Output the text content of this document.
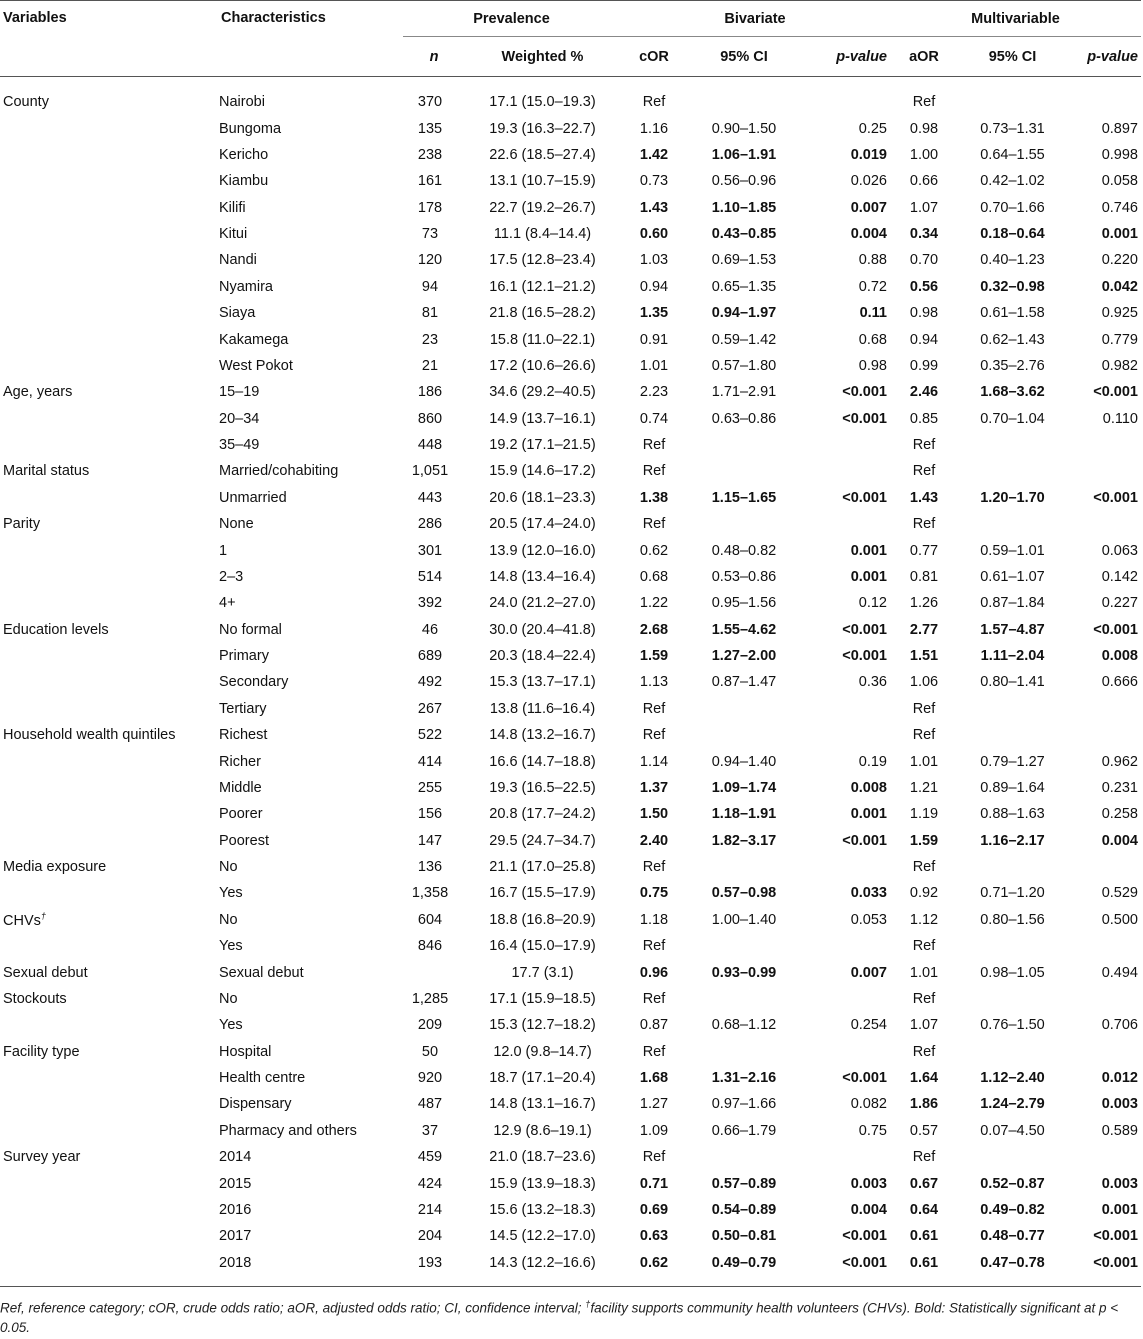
Variables	Characteristics	Prevalence		Bivariate			Multivariable		
		n	Weighted %	cOR	95% CI	p-value	aOR	95% CI	p-value
County	Nairobi	370	17.1 (15.0–19.3)	Ref			Ref		
	Bungoma	135	19.3 (16.3–22.7)	1.16	0.90–1.50	0.25	0.98	0.73–1.31	0.897
	Kericho	238	22.6 (18.5–27.4)	1.42	1.06–1.91	0.019	1.00	0.64–1.55	0.998
	Kiambu	161	13.1 (10.7–15.9)	0.73	0.56–0.96	0.026	0.66	0.42–1.02	0.058
	Kilifi	178	22.7 (19.2–26.7)	1.43	1.10–1.85	0.007	1.07	0.70–1.66	0.746
	Kitui	73	11.1 (8.4–14.4)	0.60	0.43–0.85	0.004	0.34	0.18–0.64	0.001
	Nandi	120	17.5 (12.8–23.4)	1.03	0.69–1.53	0.88	0.70	0.40–1.23	0.220
	Nyamira	94	16.1 (12.1–21.2)	0.94	0.65–1.35	0.72	0.56	0.32–0.98	0.042
	Siaya	81	21.8 (16.5–28.2)	1.35	0.94–1.97	0.11	0.98	0.61–1.58	0.925
	Kakamega	23	15.8 (11.0–22.1)	0.91	0.59–1.42	0.68	0.94	0.62–1.43	0.779
	West Pokot	21	17.2 (10.6–26.6)	1.01	0.57–1.80	0.98	0.99	0.35–2.76	0.982
Age, years	15–19	186	34.6 (29.2–40.5)	2.23	1.71–2.91	<0.001	2.46	1.68–3.62	<0.001
	20–34	860	14.9 (13.7–16.1)	0.74	0.63–0.86	<0.001	0.85	0.70–1.04	0.110
	35–49	448	19.2 (17.1–21.5)	Ref			Ref		
Marital status	Married/cohabiting	1,051	15.9 (14.6–17.2)	Ref			Ref		
	Unmarried	443	20.6 (18.1–23.3)	1.38	1.15–1.65	<0.001	1.43	1.20–1.70	<0.001
Parity	None	286	20.5 (17.4–24.0)	Ref			Ref		
	1	301	13.9 (12.0–16.0)	0.62	0.48–0.82	0.001	0.77	0.59–1.01	0.063
	2–3	514	14.8 (13.4–16.4)	0.68	0.53–0.86	0.001	0.81	0.61–1.07	0.142
	4+	392	24.0 (21.2–27.0)	1.22	0.95–1.56	0.12	1.26	0.87–1.84	0.227
Education levels	No formal	46	30.0 (20.4–41.8)	2.68	1.55–4.62	<0.001	2.77	1.57–4.87	<0.001
	Primary	689	20.3 (18.4–22.4)	1.59	1.27–2.00	<0.001	1.51	1.11–2.04	0.008
	Secondary	492	15.3 (13.7–17.1)	1.13	0.87–1.47	0.36	1.06	0.80–1.41	0.666
	Tertiary	267	13.8 (11.6–16.4)	Ref			Ref		
Household wealth quintiles	Richest	522	14.8 (13.2–16.7)	Ref			Ref		
	Richer	414	16.6 (14.7–18.8)	1.14	0.94–1.40	0.19	1.01	0.79–1.27	0.962
	Middle	255	19.3 (16.5–22.5)	1.37	1.09–1.74	0.008	1.21	0.89–1.64	0.231
	Poorer	156	20.8 (17.7–24.2)	1.50	1.18–1.91	0.001	1.19	0.88–1.63	0.258
	Poorest	147	29.5 (24.7–34.7)	2.40	1.82–3.17	<0.001	1.59	1.16–2.17	0.004
Media exposure	No	136	21.1 (17.0–25.8)	Ref			Ref		
	Yes	1,358	16.7 (15.5–17.9)	0.75	0.57–0.98	0.033	0.92	0.71–1.20	0.529
CHVs†	No	604	18.8 (16.8–20.9)	1.18	1.00–1.40	0.053	1.12	0.80–1.56	0.500
	Yes	846	16.4 (15.0–17.9)	Ref			Ref		
Sexual debut	Sexual debut		17.7 (3.1)	0.96	0.93–0.99	0.007	1.01	0.98–1.05	0.494
Stockouts	No	1,285	17.1 (15.9–18.5)	Ref			Ref		
	Yes	209	15.3 (12.7–18.2)	0.87	0.68–1.12	0.254	1.07	0.76–1.50	0.706
Facility type	Hospital	50	12.0 (9.8–14.7)	Ref			Ref		
	Health centre	920	18.7 (17.1–20.4)	1.68	1.31–2.16	<0.001	1.64	1.12–2.40	0.012
	Dispensary	487	14.8 (13.1–16.7)	1.27	0.97–1.66	0.082	1.86	1.24–2.79	0.003
	Pharmacy and others	37	12.9 (8.6–19.1)	1.09	0.66–1.79	0.75	0.57	0.07–4.50	0.589
Survey year	2014	459	21.0 (18.7–23.6)	Ref			Ref		
	2015	424	15.9 (13.9–18.3)	0.71	0.57–0.89	0.003	0.67	0.52–0.87	0.003
	2016	214	15.6 (13.2–18.3)	0.69	0.54–0.89	0.004	0.64	0.49–0.82	0.001
	2017	204	14.5 (12.2–17.0)	0.63	0.50–0.81	<0.001	0.61	0.48–0.77	<0.001
	2018	193	14.3 (12.2–16.6)	0.62	0.49–0.79	<0.001	0.61	0.47–0.78	<0.001
Ref, reference category; cOR, crude odds ratio; aOR, adjusted odds ratio; CI, confidence interval; †facility supports community health volunteers (CHVs). Bold: Statistically significant at p < 0.05.
